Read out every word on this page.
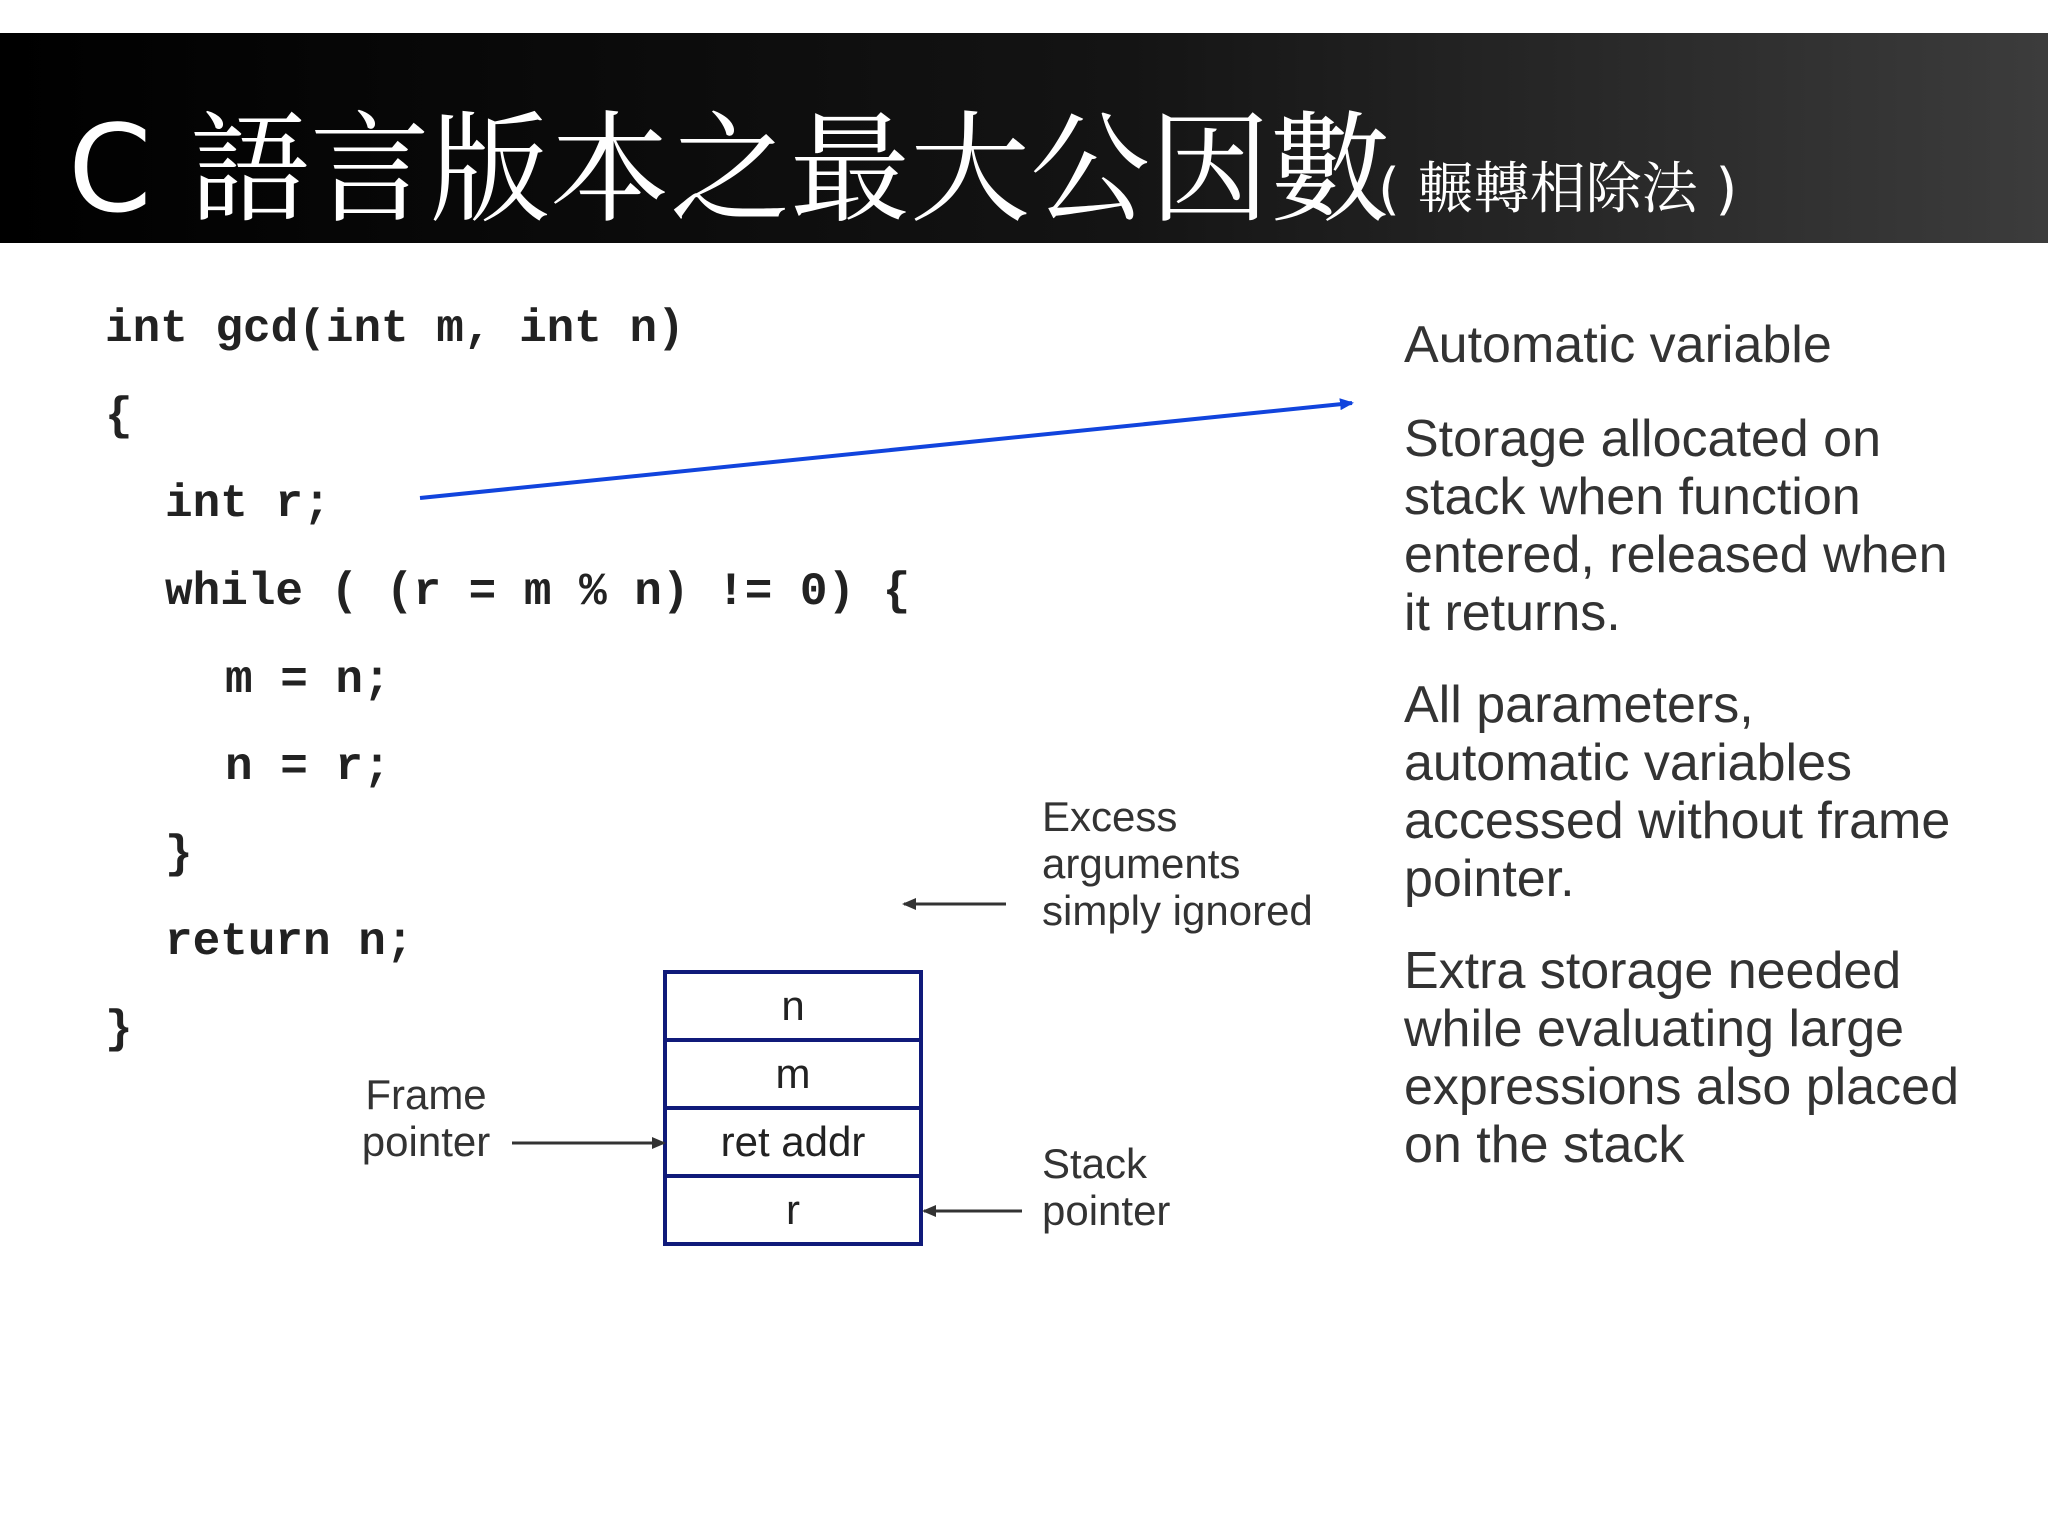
C 語言版本之最大公因數
( 輾轉相除法 )
int gcd(int m, int n)
{
int r;
while ( (r = m % n) != 0) {
m = n;
n = r;
}
return n;
}
Automatic variable
Storage allocated on stack when function entered, released when it returns.
All parameters, automatic variables accessed without frame pointer.
Extra storage needed while evaluating large expressions also placed on the stack
Excess arguments simply ignored
Frame pointer	Stack pointer
n
m
ret addr
r
